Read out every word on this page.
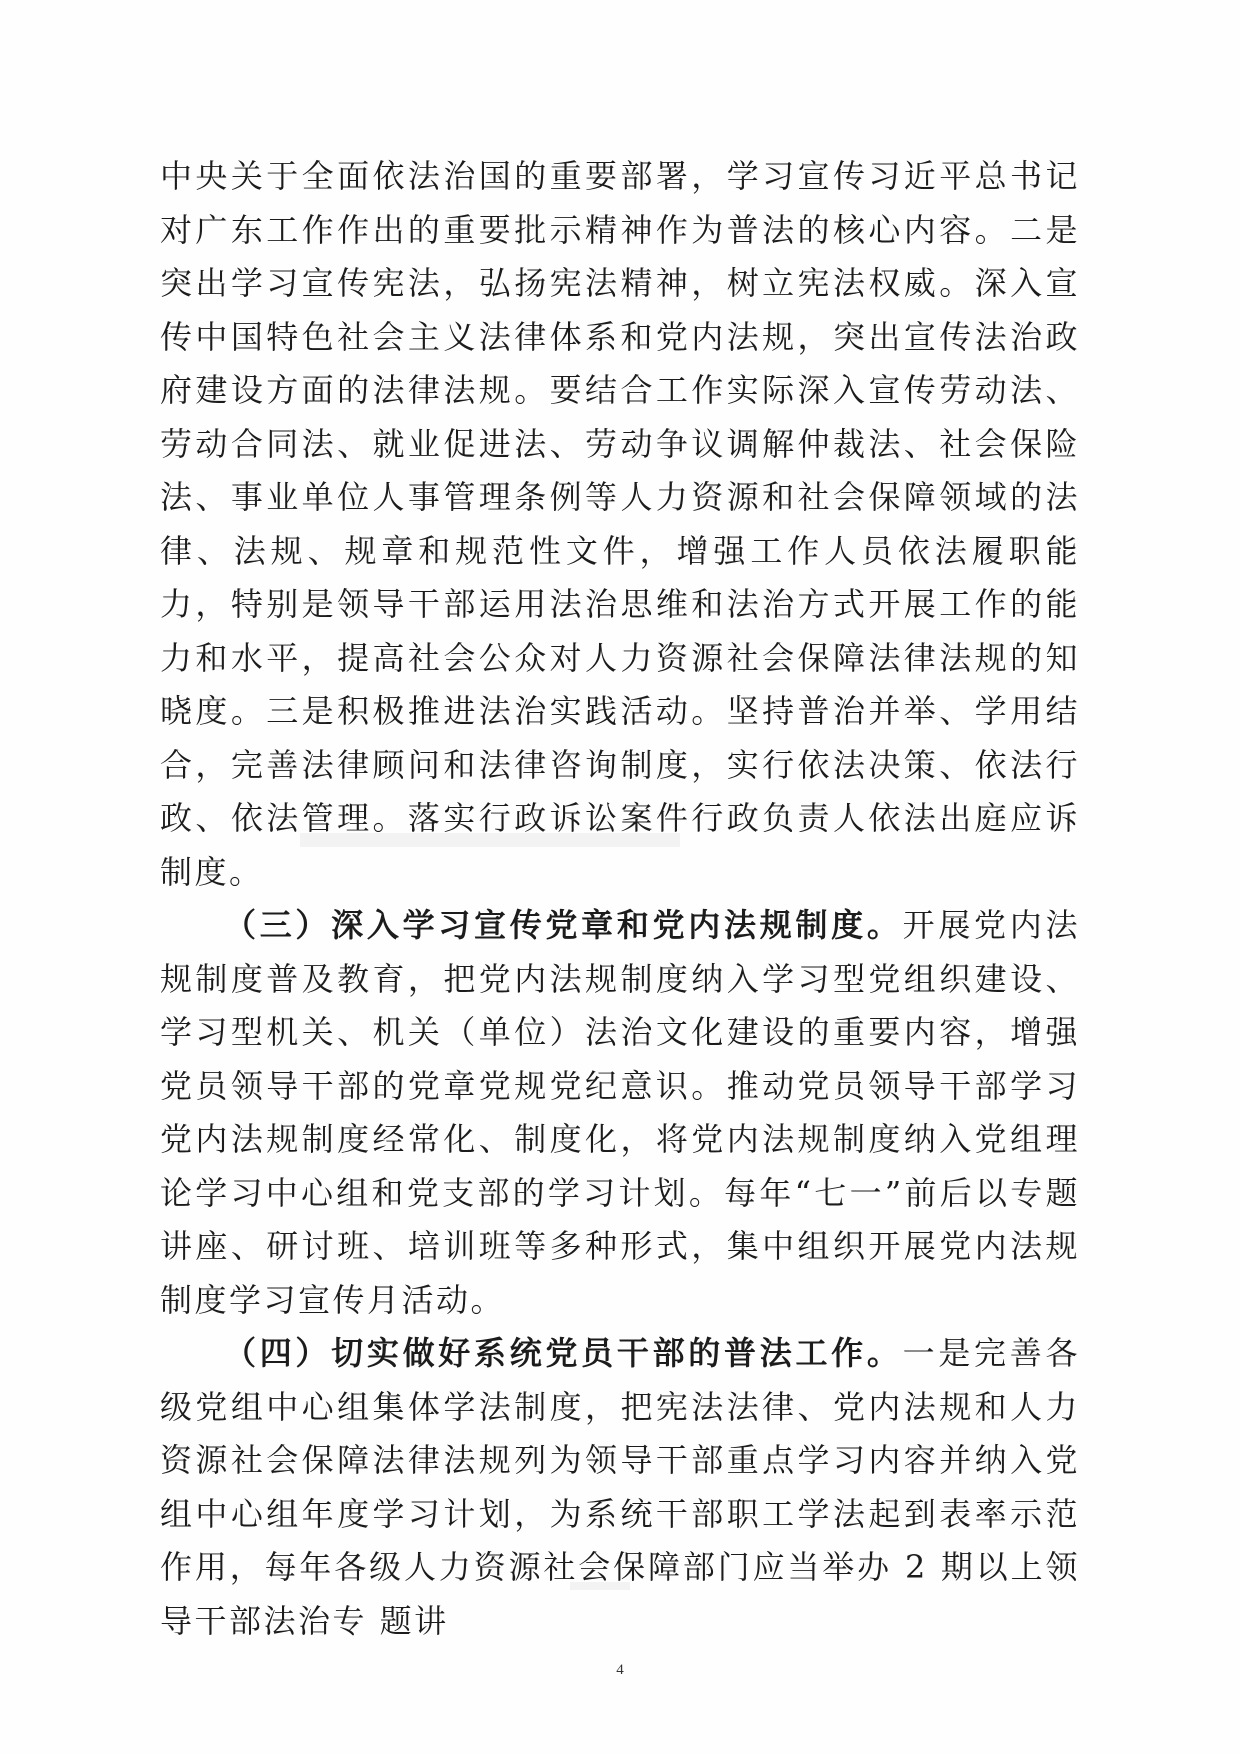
中央关于全面依法治国的重要部署，学习宣传习近平总书记对广东工作作出的重要批示精神作为普法的核心内容。二是突出学习宣传宪法，弘扬宪法精神，树立宪法权威。深入宣传中国特色社会主义法律体系和党内法规，突出宣传法治政府建设方面的法律法规。要结合工作实际深入宣传劳动法、劳动合同法、就业促进法、劳动争议调解仲裁法、社会保险法、事业单位人事管理条例等人力资源和社会保障领域的法律、法规、规章和规范性文件，增强工作人员依法履职能力，特别是领导干部运用法治思维和法治方式开展工作的能力和水平，提高社会公众对人力资源社会保障法律法规的知晓度。三是积极推进法治实践活动。坚持普治并举、学用结合，完善法律顾问和法律咨询制度，实行依法决策、依法行政、依法管理。落实行政诉讼案件行政负责人依法出庭应诉制度。

（三）深入学习宣传党章和党内法规制度。开展党内法规制度普及教育，把党内法规制度纳入学习型党组织建设、学习型机关、机关（单位）法治文化建设的重要内容，增强党员领导干部的党章党规党纪意识。推动党员领导干部学习党内法规制度经常化、制度化，将党内法规制度纳入党组理论学习中心组和党支部的学习计划。每年“七一”前后以专题讲座、研讨班、培训班等多种形式，集中组织开展党内法规制度学习宣传月活动。

（四）切实做好系统党员干部的普法工作。一是完善各级党组中心组集体学法制度，把宪法法律、党内法规和人力资源社会保障法律法规列为领导干部重点学习内容并纳入党组中心组年度学习计划，为系统干部职工学法起到表率示范作用，每年各级人力资源社会保障部门应当举办 2 期以上领导干部法治专 题讲

4
